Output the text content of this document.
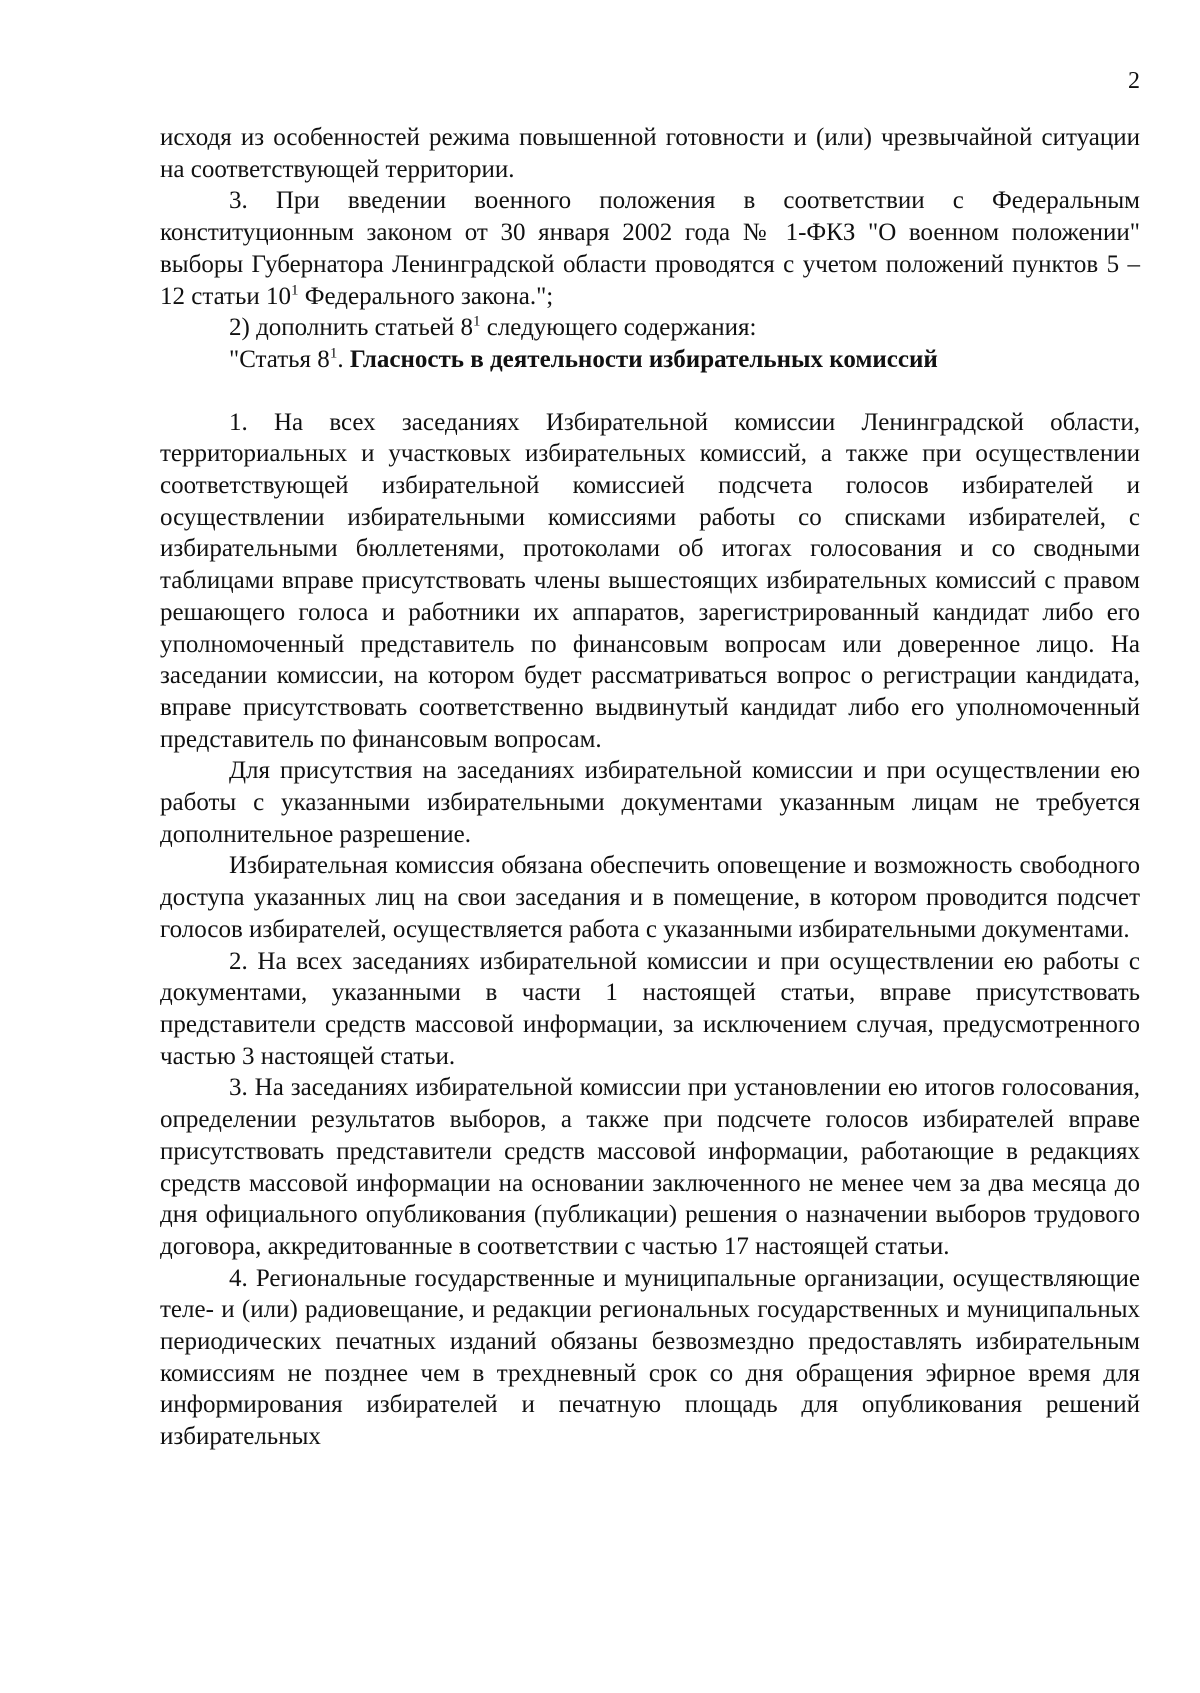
2

исходя из особенностей режима повышенной готовности и (или) чрезвычайной ситуации на соответствующей территории.

3. При введении военного положения в соответствии с Федеральным конституционным законом от 30 января 2002 года № 1-ФКЗ "О военном положении" выборы Губернатора Ленинградской области проводятся с учетом положений пунктов 5 – 12 статьи $10^1$ Федерального закона.";

2) дополнить статьей $8^1$ следующего содержания:

"Статья $8^1$. Гласность в деятельности избирательных комиссий

1. На всех заседаниях Избирательной комиссии Ленинградской области, территориальных и участковых избирательных комиссий, а также при осуществлении соответствующей избирательной комиссией подсчета голосов избирателей и осуществлении избирательными комиссиями работы со списками избирателей, с избирательными бюллетенями, протоколами об итогах голосования и со сводными таблицами вправе присутствовать члены вышестоящих избирательных комиссий с правом решающего голоса и работники их аппаратов, зарегистрированный кандидат либо его уполномоченный представитель по финансовым вопросам или доверенное лицо. На заседании комиссии, на котором будет рассматриваться вопрос о регистрации кандидата, вправе присутствовать соответственно выдвинутый кандидат либо его уполномоченный представитель по финансовым вопросам.

Для присутствия на заседаниях избирательной комиссии и при осуществлении ею работы с указанными избирательными документами указанным лицам не требуется дополнительное разрешение.

Избирательная комиссия обязана обеспечить оповещение и возможность свободного доступа указанных лиц на свои заседания и в помещение, в котором проводится подсчет голосов избирателей, осуществляется работа с указанными избирательными документами.

2. На всех заседаниях избирательной комиссии и при осуществлении ею работы с документами, указанными в части 1 настоящей статьи, вправе присутствовать представители средств массовой информации, за исключением случая, предусмотренного частью 3 настоящей статьи.

3. На заседаниях избирательной комиссии при установлении ею итогов голосования, определении результатов выборов, а также при подсчете голосов избирателей вправе присутствовать представители средств массовой информации, работающие в редакциях средств массовой информации на основании заключенного не менее чем за два месяца до дня официального опубликования (публикации) решения о назначении выборов трудового договора, аккредитованные в соответствии с частью 17 настоящей статьи.

4. Региональные государственные и муниципальные организации, осуществляющие теле- и (или) радиовещание, и редакции региональных государственных и муниципальных периодических печатных изданий обязаны безвозмездно предоставлять избирательным комиссиям не позднее чем в трехдневный срок со дня обращения эфирное время для информирования избирателей и печатную площадь для опубликования решений избирательных
